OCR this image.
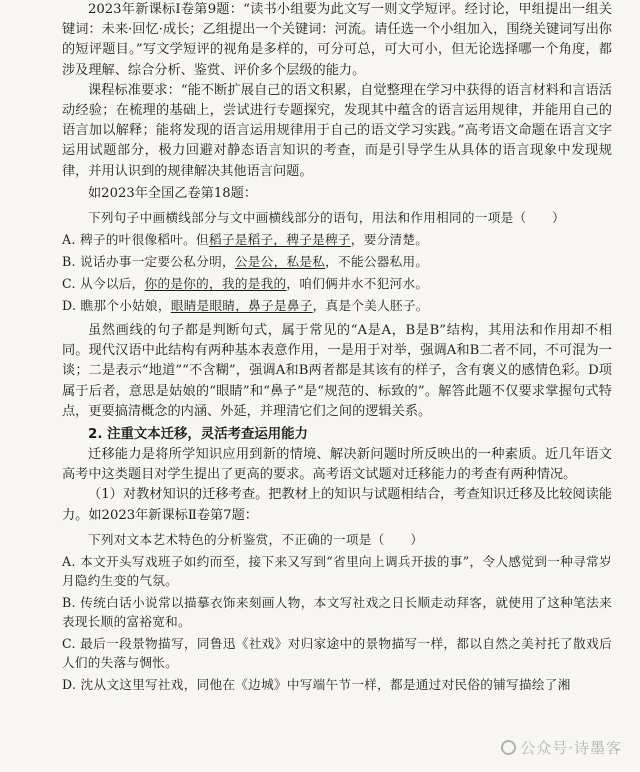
2023年新课标Ⅰ卷第9题：“读书小组要为此文写一则文学短评。经讨论，甲组提出一组关键词：未来·回忆·成长；乙组提出一个关键词：河流。请任选一个小组加入，围绕关键词写出你的短评题目。”写文学短评的视角是多样的，可分可总，可大可小，但无论选择哪一个角度，都涉及理解、综合分析、鉴赏、评价多个层级的能力。

课程标准要求：“能不断扩展自己的语文积累，自觉整理在学习中获得的语言材料和言语活动经验；在梳理的基础上，尝试进行专题探究，发现其中蕴含的语言运用规律，并能用自己的语言加以解释；能将发现的语言运用规律用于自己的语文学习实践。”高考语文命题在语言文字运用试题部分，极力回避对静态语言知识的考查，而是引导学生从具体的语言现象中发现规律，并用认识到的规律解决其他语言问题。

如2023年全国乙卷第18题：

下列句子中画横线部分与文中画横线部分的语句，用法和作用相同的一项是（　　）

A. 稗子的叶很像稻叶。但稻子是稻子，稗子是稗子，要分清楚。

B. 说话办事一定要公私分明，公是公，私是私，不能公器私用。

C. 从今以后，你的是你的，我的是我的，咱们俩井水不犯河水。

D. 瞧那个小姑娘，眼睛是眼睛，鼻子是鼻子，真是个美人胚子。

虽然画线的句子都是判断句式，属于常见的“A是A，B是B”结构，其用法和作用却不相同。现代汉语中此结构有两种基本表意作用，一是用于对举，强调A和B二者不同，不可混为一谈；二是表示“地道”“不含糊”，强调A和B两者都是其该有的样子，含有褒义的感情色彩。D项属于后者，意思是姑娘的“眼睛”和“鼻子”是“规范的、标致的”。解答此题不仅要求掌握句式特点，更要搞清概念的内涵、外延，并理清它们之间的逻辑关系。

2. 注重文本迁移，灵活考查运用能力

迁移能力是将所学知识应用到新的情境、解决新问题时所反映出的一种素质。近几年语文高考中这类题目对学生提出了更高的要求。高考语文试题对迁移能力的考查有两种情况。

（1）对教材知识的迁移考查。把教材上的知识与试题相结合，考查知识迁移及比较阅读能力。如2023年新课标Ⅱ卷第7题：

下列对文本艺术特色的分析鉴赏，不正确的一项是（　　）

A. 本文开头写戏班子如约而至，接下来又写到“省里向上调兵开拔的事”，令人感觉到一种寻常岁月隐约生变的气氛。

B. 传统白话小说常以描摹衣饰来刻画人物，本文写社戏之日长顺走动拜客，就使用了这种笔法来表现长顺的富裕宽和。

C. 最后一段景物描写，同鲁迅《社戏》对归家途中的景物描写一样，都以自然之美衬托了散戏后人们的失落与惆怅。

D. 沈从文这里写社戏，同他在《边城》中写端午节一样，都是通过对民俗的铺写描绘了湘

公众号·诗墨客
